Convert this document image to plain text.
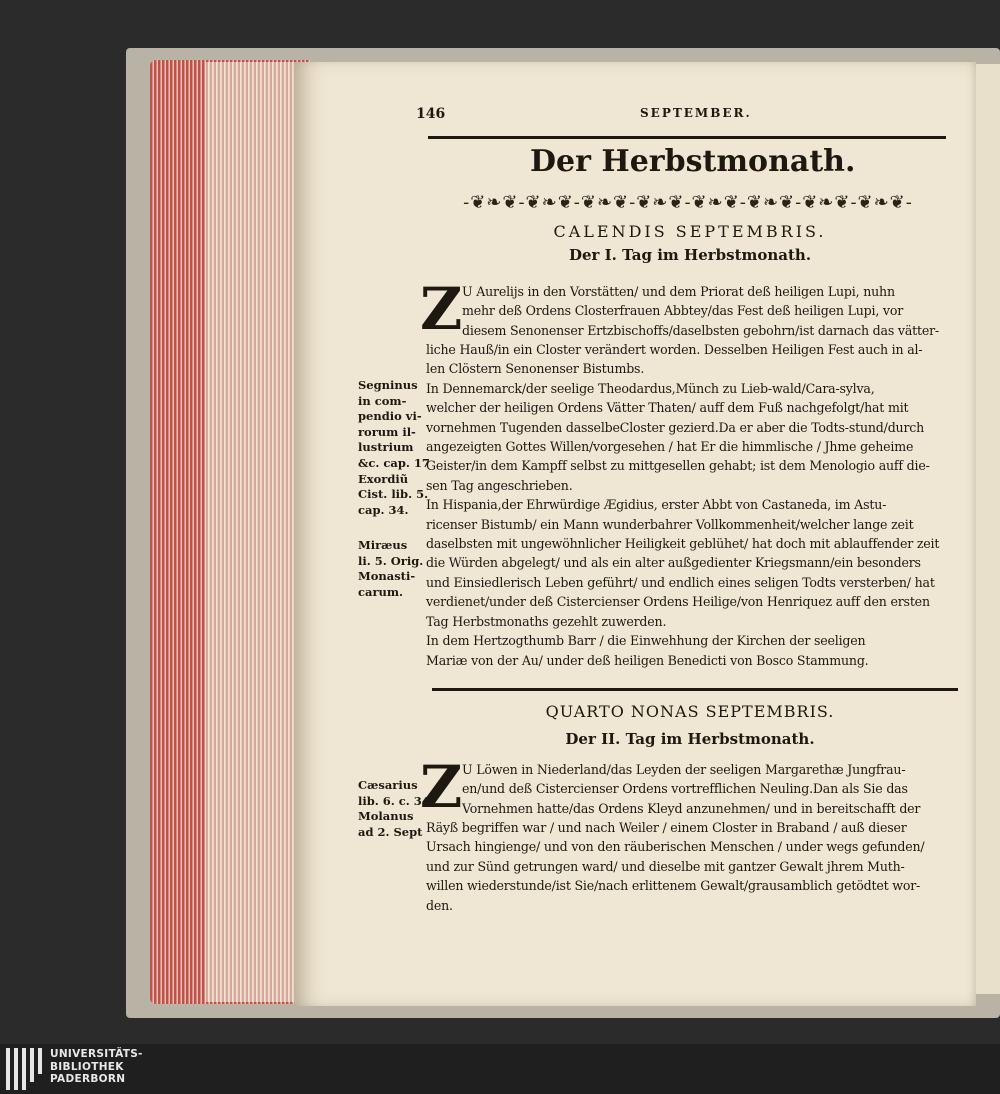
146	SEPTEMBER.
Der Herbstmonath.
-❦❧❦-❦❧❦-❦❧❦-❦❧❦-❦❧❦-❦❧❦-❦❧❦-❦❧❦-
CALENDIS SEPTEMBRIS.
Der I. Tag im Herbstmonath.
Z U Aurelijs in den Vorstätten/ und dem Priorat deß heiligen Lupi, nuhn
mehr deß Ordens Closterfrauen Abbtey/das Fest deß heiligen Lupi, vor
diesem Senonenser Ertzbischoffs/daselbsten gebohrn/ist darnach das vätter-
liche Hauß/in ein Closter verändert worden. Desselben Heiligen Fest auch in al-
len Clöstern Senonenser Bistumbs.
In Dennemarck/der seelige Theodardus,Münch zu Lieb-wald/Cara-sylva,
welcher der heiligen Ordens Vätter Thaten/ auff dem Fuß nachgefolgt/hat mit
vornehmen Tugenden dasselbeCloster gezierd.Da er aber die Todts-stund/durch
angezeigten Gottes Willen/vorgesehen / hat Er die himmlische / Jhme geheime
Geister/in dem Kampff selbst zu mittgesellen gehabt; ist dem Menologio auff die-
sen Tag angeschrieben.
In Hispania,der Ehrwürdige Ægidius, erster Abbt von Castaneda, im Astu-
ricenser Bistumb/ ein Mann wunderbahrer Vollkommenheit/welcher lange zeit
daselbsten mit ungewöhnlicher Heiligkeit geblühet/ hat doch mit ablauffender zeit
die Würden abgelegt/ und als ein alter außgedienter Kriegsmann/ein besonders
und Einsiedlerisch Leben geführt/ und endlich eines seligen Todts versterben/ hat
verdienet/under deß Cistercienser Ordens Heilige/von Henriquez auff den ersten
Tag Herbstmonaths gezehlt zuwerden.
In dem Hertzogthumb Barr / die Einwehhung der Kirchen der seeligen
Mariæ von der Au/ under deß heiligen Benedicti von Bosco Stammung.
Segninus
in com-
pendio vi-
rorum il-
lustrium
&c. cap. 17
Exordiũ
Cist. lib. 5.
cap. 34.
Miræus
li. 5. Orig.
Monasti-
carum.
QUARTO NONAS SEPTEMBRIS.
Der II. Tag im Herbstmonath.
Z U Löwen in Niederland/das Leyden der seeligen Margarethæ Jungfrau-
en/und deß Cistercienser Ordens vortrefflichen Neuling.Dan als Sie das
Vornehmen hatte/das Ordens Kleyd anzunehmen/ und in bereitschafft der
Räyß begriffen war / und nach Weiler / einem Closter in Braband / auß dieser
Ursach hingienge/ und von den räuberischen Menschen / under wegs gefunden/
und zur Sünd getrungen ward/ und dieselbe mit gantzer Gewalt jhrem Muth-
willen wiederstunde/ist Sie/nach erlittenem Gewalt/grausamblich getödtet wor-
den.
Cæsarius
lib. 6. c. 34
Molanus
ad 2. Sept
UNIVERSITÄTS-
BIBLIOTHEK
PADERBORN
